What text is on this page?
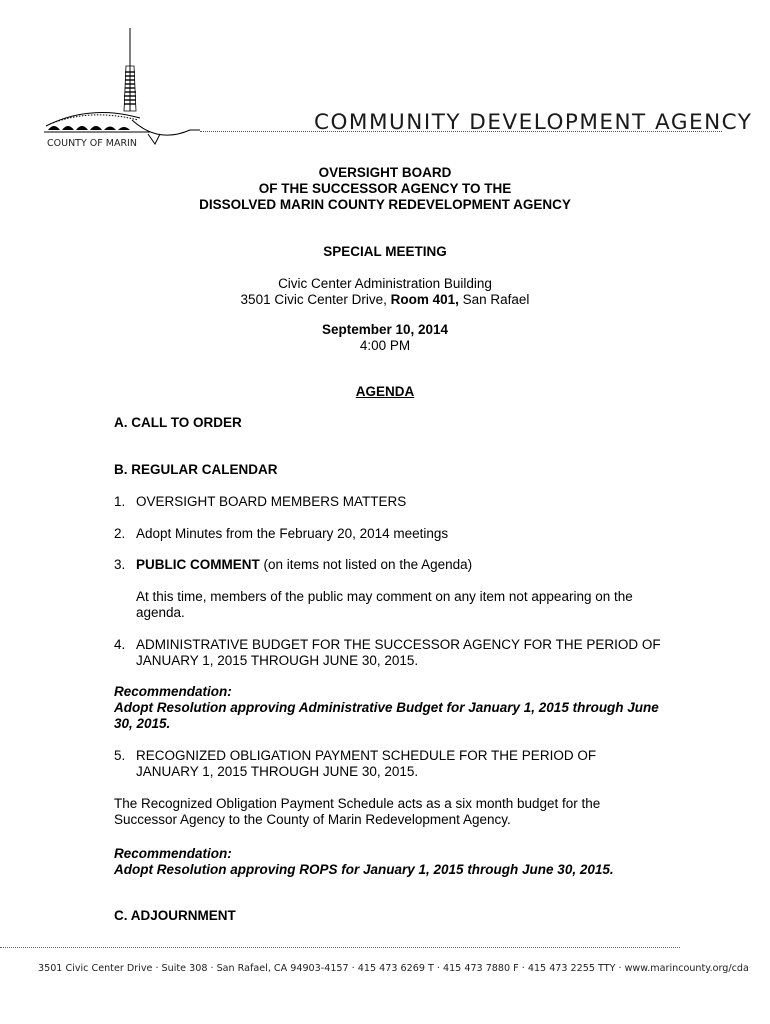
COMMUNITY DEVELOPMENT AGENCY
COUNTY OF MARIN
OVERSIGHT BOARD
OF THE SUCCESSOR AGENCY TO THE
DISSOLVED MARIN COUNTY REDEVELOPMENT AGENCY
SPECIAL MEETING
Civic Center Administration Building
3501 Civic Center Drive, Room 401, San Rafael
September 10, 2014
4:00 PM
AGENDA
A. CALL TO ORDER
B. REGULAR CALENDAR
1. OVERSIGHT BOARD MEMBERS MATTERS
2. Adopt Minutes from the February 20, 2014 meetings
3. PUBLIC COMMENT (on items not listed on the Agenda)
At this time, members of the public may comment on any item not appearing on the
agenda.
4. ADMINISTRATIVE BUDGET FOR THE SUCCESSOR AGENCY FOR THE PERIOD OF
JANUARY 1, 2015 THROUGH JUNE 30, 2015.
Recommendation:
Adopt Resolution approving Administrative Budget for January 1, 2015 through June
30, 2015.
5. RECOGNIZED OBLIGATION PAYMENT SCHEDULE FOR THE PERIOD OF
JANUARY 1, 2015 THROUGH JUNE 30, 2015.
The Recognized Obligation Payment Schedule acts as a six month budget for the
Successor Agency to the County of Marin Redevelopment Agency.
Recommendation:
Adopt Resolution approving ROPS for January 1, 2015 through June 30, 2015.
C. ADJOURNMENT
3501 Civic Center Drive · Suite 308 · San Rafael, CA 94903-4157 · 415 473 6269 T · 415 473 7880 F · 415 473 2255 TTY · www.marincounty.org/cda
